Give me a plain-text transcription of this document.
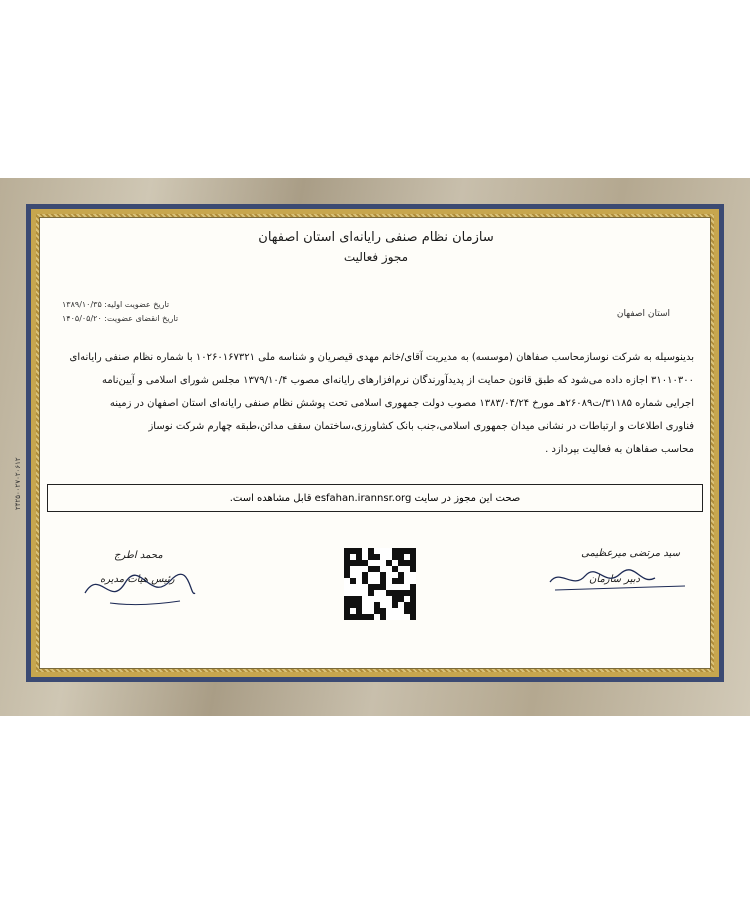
سازمان نظام صنفی رایانه‌ای استان اصفهان
مجوز فعالیت
تاریخ عضویت اولیه: ۱۳۸۹/۱۰/۳۵
تاریخ انقضای عضویت: ۱۴۰۵/۰۵/۲۰	استان اصفهان
بدینوسیله به شرکت نوسازمحاسب صفاهان (موسسه) به مدیریت آقای/خانم مهدی قیصریان و شناسه ملی ۱۰۲۶۰۱۶۷۳۲۱ با شماره نظام صنفی رایانه‌ای
۳۱۰۱۰۳۰۰ اجازه داده می‌شود که طبق قانون حمایت از پدیدآورندگان نرم‌افزارهای رایانه‌ای مصوب ۱۳۷۹/۱۰/۴ مجلس شورای اسلامی و آیین‌نامه
اجرایی شماره ۳۱۱۸۵/ت۲۶۰۸۹هـ مورخ ۱۳۸۳/۰۴/۲۴ مصوب دولت جمهوری اسلامی تحت پوشش نظام صنفی رایانه‌ای استان اصفهان در زمینه
فناوری اطلاعات و ارتباطات در نشانی میدان جمهوری اسلامی،جنب بانک کشاورزی،ساختمان سقف مدائن،طبقه چهارم شرکت نوساز
محاسب صفاهان به فعالیت بپردازد .
صحت این مجوز در سایت esfahan.irannsr.org قابل مشاهده است.
محمد اطرج
رئیس هیات مدیره
سید مرتضی میرعظیمی
دبیر سازمان
۲۴۲۵۰۰۲۷۰۲۰۶۱۲
